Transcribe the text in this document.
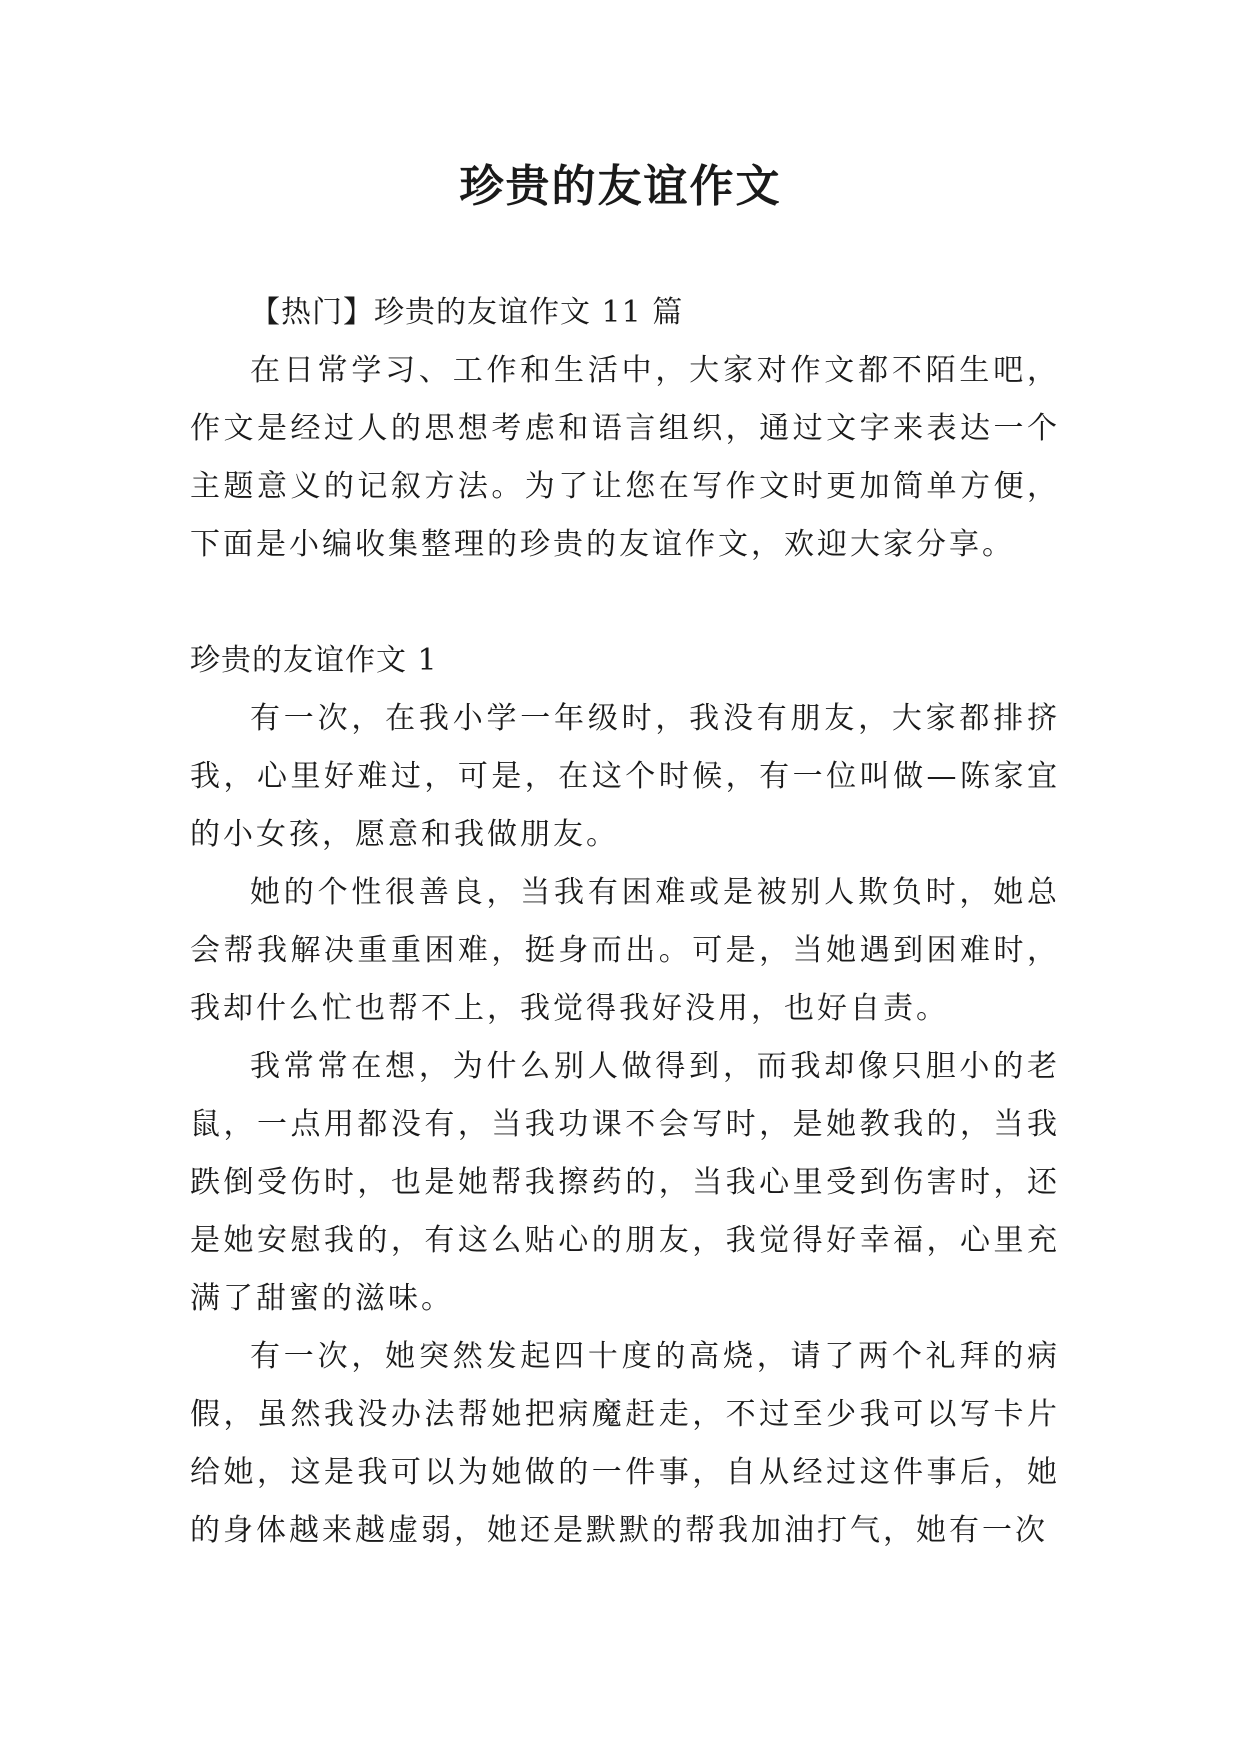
珍贵的友谊作文

【热门】珍贵的友谊作文 11 篇

在日常学习、工作和生活中，大家对作文都不陌生吧，作文是经过人的思想考虑和语言组织，通过文字来表达一个主题意义的记叙方法。为了让您在写作文时更加简单方便，下面是小编收集整理的珍贵的友谊作文，欢迎大家分享。

珍贵的友谊作文 1

有一次，在我小学一年级时，我没有朋友，大家都排挤我，心里好难过，可是，在这个时候，有一位叫做—陈家宜的小女孩，愿意和我做朋友。

她的个性很善良，当我有困难或是被别人欺负时，她总会帮我解决重重困难，挺身而出。可是，当她遇到困难时，我却什么忙也帮不上，我觉得我好没用，也好自责。

我常常在想，为什么别人做得到，而我却像只胆小的老鼠，一点用都没有，当我功课不会写时，是她教我的，当我跌倒受伤时，也是她帮我擦药的，当我心里受到伤害时，还是她安慰我的，有这么贴心的朋友，我觉得好幸福，心里充满了甜蜜的滋味。

有一次，她突然发起四十度的高烧，请了两个礼拜的病假，虽然我没办法帮她把病魔赶走，不过至少我可以写卡片给她，这是我可以为她做的一件事，自从经过这件事后，她的身体越来越虚弱，她还是默默的帮我加油打气，她有一次
